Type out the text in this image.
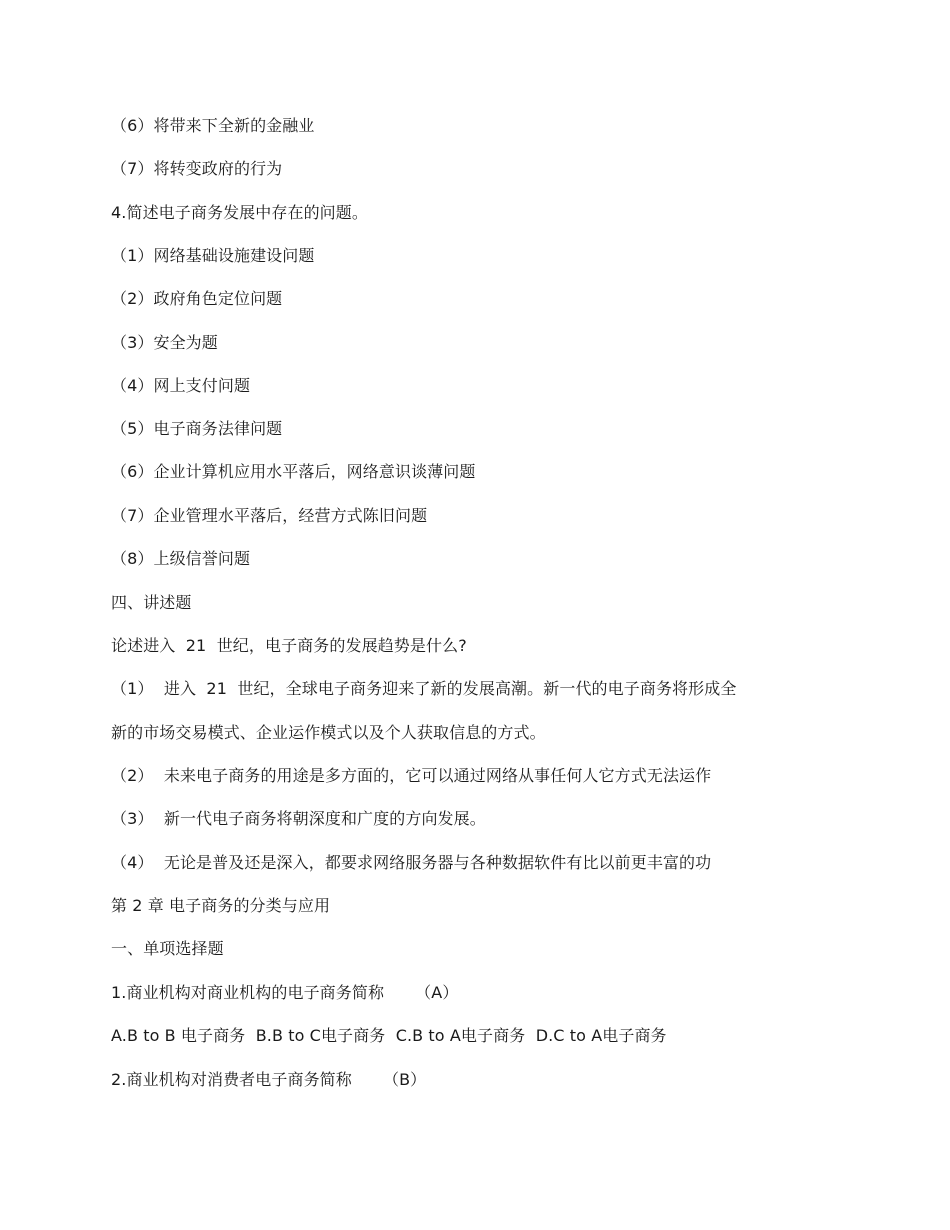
（6）将带来下全新的金融业
（7）将转变政府的行为
4.简述电子商务发展中存在的问题。
（1）网络基础设施建设问题
（2）政府角色定位问题
（3）安全为题
（4）网上支付问题
（5）电子商务法律问题
（6）企业计算机应用水平落后，网络意识谈薄问题
（7）企业管理水平落后，经营方式陈旧问题
（8）上级信誉问题
四、讲述题
论述进入  21  世纪，电子商务的发展趋势是什么?
（1）  进入  21  世纪，全球电子商务迎来了新的发展高潮。新一代的电子商务将形成全
新的市场交易模式、企业运作模式以及个人获取信息的方式。
（2）  未来电子商务的用途是多方面的，它可以通过网络从事任何人它方式无法运作
（3）  新一代电子商务将朝深度和广度的方向发展。
（4）  无论是普及还是深入，都要求网络服务器与各种数据软件有比以前更丰富的功
第 2 章 电子商务的分类与应用
一、单项选择题
1.商业机构对商业机构的电子商务简称      （A）
A.B to B 电子商务  B.B to C电子商务  C.B to A电子商务  D.C to A电子商务
2.商业机构对消费者电子商务简称      （B）
